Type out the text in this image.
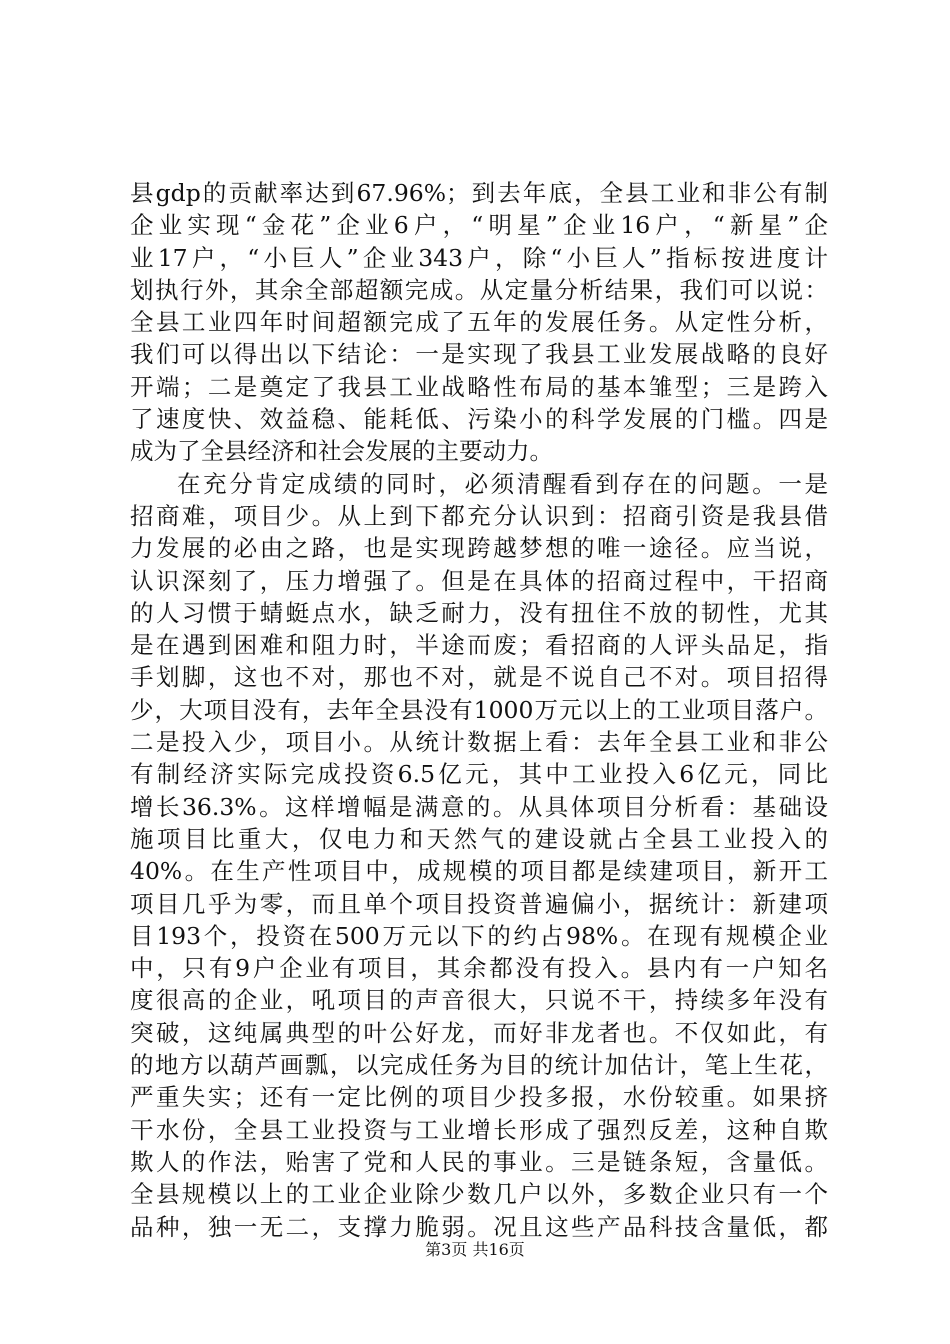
县gdp的贡献率达到67.96%；到去年底，全县工业和非公有制
企业实现“金花”企业6户，“明星”企业16户，“新星”企
业17户，“小巨人”企业343户，除“小巨人”指标按进度计
划执行外，其余全部超额完成。从定量分析结果，我们可以说：
全县工业四年时间超额完成了五年的发展任务。从定性分析，
我们可以得出以下结论：一是实现了我县工业发展战略的良好
开端；二是奠定了我县工业战略性布局的基本雏型；三是跨入
了速度快、效益稳、能耗低、污染小的科学发展的门槛。四是
成为了全县经济和社会发展的主要动力。
在充分肯定成绩的同时，必须清醒看到存在的问题。一是
招商难，项目少。从上到下都充分认识到：招商引资是我县借
力发展的必由之路，也是实现跨越梦想的唯一途径。应当说，
认识深刻了，压力增强了。但是在具体的招商过程中，干招商
的人习惯于蜻蜓点水，缺乏耐力，没有扭住不放的韧性，尤其
是在遇到困难和阻力时，半途而废；看招商的人评头品足，指
手划脚，这也不对，那也不对，就是不说自己不对。项目招得
少，大项目没有，去年全县没有1000万元以上的工业项目落户。
二是投入少，项目小。从统计数据上看：去年全县工业和非公
有制经济实际完成投资6.5亿元，其中工业投入6亿元，同比
增长36.3%。这样增幅是满意的。从具体项目分析看：基础设
施项目比重大，仅电力和天然气的建设就占全县工业投入的
40%。在生产性项目中，成规模的项目都是续建项目，新开工
项目几乎为零，而且单个项目投资普遍偏小，据统计：新建项
目193个，投资在500万元以下的约占98%。在现有规模企业
中，只有9户企业有项目，其余都没有投入。县内有一户知名
度很高的企业，吼项目的声音很大，只说不干，持续多年没有
突破，这纯属典型的叶公好龙，而好非龙者也。不仅如此，有
的地方以葫芦画瓢，以完成任务为目的统计加估计，笔上生花，
严重失实；还有一定比例的项目少投多报，水份较重。如果挤
干水份，全县工业投资与工业增长形成了强烈反差，这种自欺
欺人的作法，贻害了党和人民的事业。三是链条短，含量低。
全县规模以上的工业企业除少数几户以外，多数企业只有一个
品种，独一无二，支撑力脆弱。况且这些产品科技含量低，都
第3页 共16页
